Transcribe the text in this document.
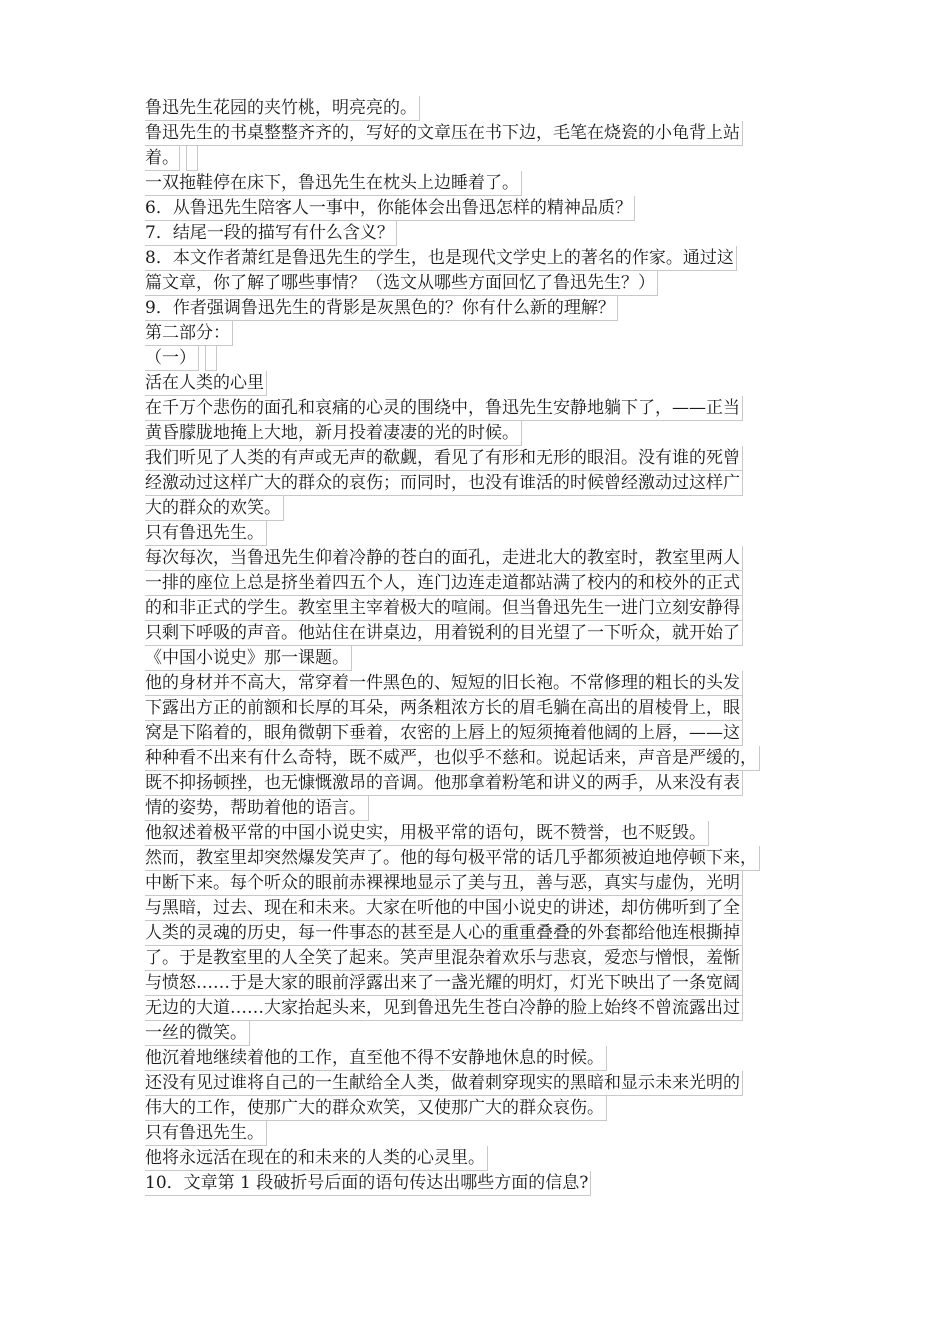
鲁迅先生花园的夹竹桃，明亮亮的。
鲁迅先生的书桌整整齐齐的，写好的文章压在书下边，毛笔在烧瓷的小龟背上站
着。
一双拖鞋停在床下，鲁迅先生在枕头上边睡着了。
6．从鲁迅先生陪客人一事中，你能体会出鲁迅怎样的精神品质？
7．结尾一段的描写有什么含义？
8．本文作者萧红是鲁迅先生的学生，也是现代文学史上的著名的作家。通过这
篇文章，你了解了哪些事情？（选文从哪些方面回忆了鲁迅先生？）
9．作者强调鲁迅先生的背影是灰黑色的？你有什么新的理解？
第二部分：
（一）
活在人类的心里
在千万个悲伤的面孔和哀痛的心灵的围绕中，鲁迅先生安静地躺下了，——正当
黄昏朦胧地掩上大地，新月投着凄凄的光的时候。
我们听见了人类的有声或无声的欷觑，看见了有形和无形的眼泪。没有谁的死曾
经激动过这样广大的群众的哀伤；而同时，也没有谁活的时候曾经激动过这样广
大的群众的欢笑。
只有鲁迅先生。
每次每次，当鲁迅先生仰着冷静的苍白的面孔，走进北大的教室时，教室里两人
一排的座位上总是挤坐着四五个人，连门边连走道都站满了校内的和校外的正式
的和非正式的学生。教室里主宰着极大的喧闹。但当鲁迅先生一进门立刻安静得
只剩下呼吸的声音。他站住在讲桌边，用着锐利的目光望了一下听众，就开始了
《中国小说史》那一课题。
他的身材并不高大，常穿着一件黑色的、短短的旧长袍。不常修理的粗长的头发
下露出方正的前额和长厚的耳朵，两条粗浓方长的眉毛躺在高出的眉棱骨上，眼
窝是下陷着的，眼角微朝下垂着，农密的上唇上的短须掩着他阔的上唇，——这
种种看不出来有什么奇特，既不威严，也似乎不慈和。说起话来，声音是严缓的，
既不抑扬顿挫，也无慷慨激昂的音调。他那拿着粉笔和讲义的两手，从来没有表
情的姿势，帮助着他的语言。
他叙述着极平常的中国小说史实，用极平常的语句，既不赞誉，也不贬毁。
然而，教室里却突然爆发笑声了。他的每句极平常的话几乎都须被迫地停顿下来，
中断下来。每个听众的眼前赤裸裸地显示了美与丑，善与恶，真实与虚伪，光明
与黑暗，过去、现在和未来。大家在听他的中国小说史的讲述，却仿佛听到了全
人类的灵魂的历史，每一件事态的甚至是人心的重重叠叠的外套都给他连根撕掉
了。于是教室里的人全笑了起来。笑声里混杂着欢乐与悲哀，爱恋与憎恨，羞惭
与愤怒……于是大家的眼前浮露出来了一盏光耀的明灯，灯光下映出了一条宽阔
无边的大道……大家抬起头来，见到鲁迅先生苍白冷静的脸上始终不曾流露出过
一丝的微笑。
他沉着地继续着他的工作，直至他不得不安静地休息的时候。
还没有见过谁将自己的一生献给全人类，做着刺穿现实的黑暗和显示未来光明的
伟大的工作，使那广大的群众欢笑，又使那广大的群众哀伤。
只有鲁迅先生。
他将永远活在现在的和未来的人类的心灵里。
10．文章第 1 段破折号后面的语句传达出哪些方面的信息?
